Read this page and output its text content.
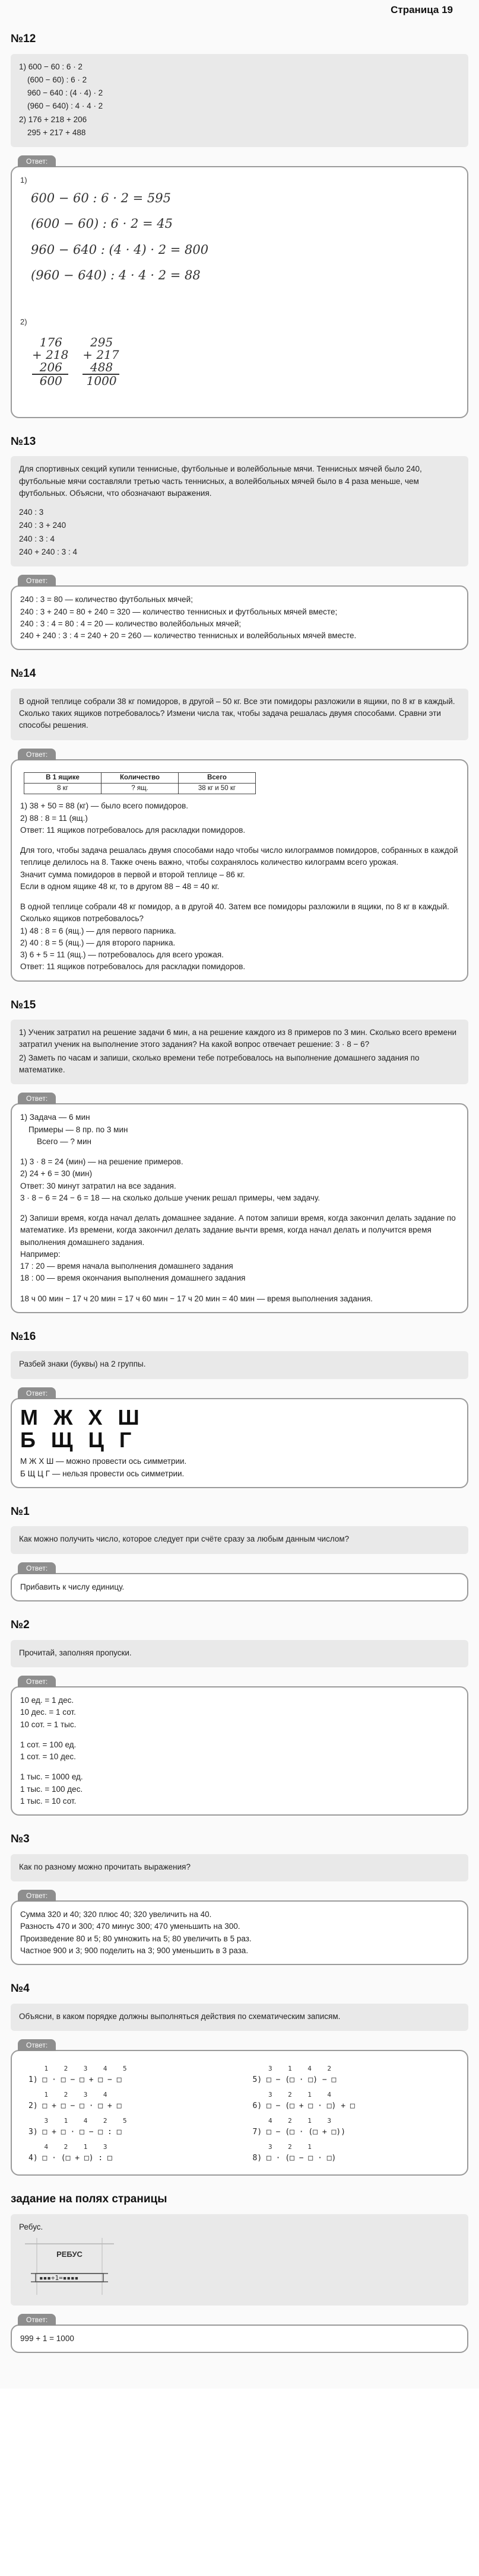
Страница 19
№12

1) 600 − 60 : 6 · 2

(600 − 60) : 6 · 2

960 − 640 : (4 · 4) · 2

(960 − 640) : 4 · 4 · 2

2) 176 + 218 + 206

295 + 217 + 488

Ответ:

1)

600 − 60 : 6 · 2 = 595
(600 − 60) : 6 · 2 = 45
960 − 640 : (4 · 4) · 2 = 800
(960 − 640) : 4 · 4 · 2 = 88

2)

176
+ 218
206
600
295
+ 217
488
1000
№13

Для спортивных секций купили теннисные, футбольные и волейбольные мячи. Теннисных мячей было 240, футбольные мячи составляли третью часть теннисных, а волейбольных мячей было в 4 раза меньше, чем футбольных. Объясни, что обозначают выражения.

240 : 3

240 : 3 + 240

240 : 3 : 4

240 + 240 : 3 : 4

Ответ:

240 : 3 = 80 — количество футбольных мячей;

240 : 3 + 240 = 80 + 240 = 320 — количество теннисных и футбольных мячей вместе;

240 : 3 : 4 = 80 : 4 = 20 — количество волейбольных мячей;

240 + 240 : 3 : 4 = 240 + 20 = 260 — количество теннисных и волейбольных мячей вместе.

№14

В одной теплице собрали 38 кг помидоров, в другой – 50 кг. Все эти помидоры разложили в ящики, по 8 кг в каждый. Сколько таких ящиков потребовалось? Измени числа так, чтобы задача решалась двумя способами. Сравни эти способы решения.

Ответ:
В 1 ящике	Количество	Всего
8 кг	? ящ.	38 кг и 50 кг

1) 38 + 50 = 88 (кг) — было всего помидоров.

2) 88 : 8 = 11 (ящ.)

Ответ: 11 ящиков потребовалось для раскладки помидоров.

Для того, чтобы задача решалась двумя способами надо чтобы число килограммов помидоров, собранных в каждой теплице делилось на 8. Также очень важно, чтобы сохранялось количество килограмм всего урожая.

Значит сумма помидоров в первой и второй теплице – 86 кг.

Если в одном ящике 48 кг, то в другом 88 − 48 = 40 кг.

В одной теплице собрали 48 кг помидор, а в другой 40. Затем все помидоры разложили в ящики, по 8 кг в каждый. Сколько ящиков потребовалось?

1) 48 : 8 = 6 (ящ.) — для первого парника.

2) 40 : 8 = 5 (ящ.) — для второго парника.

3) 6 + 5 = 11 (ящ.) — потребовалось для всего урожая.

Ответ: 11 ящиков потребовалось для раскладки помидоров.

№15

1) Ученик затратил на решение задачи 6 мин, а на решение каждого из 8 примеров по 3 мин. Сколько всего времени затратил ученик на выполнение этого задания? На какой вопрос отвечает решение: 3 · 8 − 6?

2) Заметь по часам и запиши, сколько времени тебе потребовалось на выполнение домашнего задания по математике.

Ответ:

1) Задача — 6 мин

Примеры — 8 пр. по 3 мин

Всего — ? мин

1) 3 · 8 = 24 (мин) — на решение примеров.

2) 24 + 6 = 30 (мин)

Ответ: 30 минут затратил на все задания.

3 · 8 − 6 = 24 − 6 = 18 — на сколько дольше ученик решал примеры, чем задачу.

2) Запиши время, когда начал делать домашнее задание. А потом запиши время, когда закончил делать задание по математике. Из времени, когда закончил делать задание вычти время, когда начал делать и получится время выполнения домашнего задания.

Например:

17 : 20 — время начала выполнения домашнего задания

18 : 00 — время окончания выполнения домашнего задания

18 ч 00 мин − 17 ч 20 мин = 17 ч 60 мин − 17 ч 20 мин = 40 мин — время выполнения задания.

№16

Разбей знаки (буквы) на 2 группы.

Ответ:
М Ж Х Ш
Б Щ Ц Г

М Ж Х Ш — можно провести ось симметрии.

Б Щ Ц Г — нельзя провести ось симметрии.

№1

Как можно получить число, которое следует при счёте сразу за любым данным числом?

Ответ:

Прибавить к числу единицу.

№2

Прочитай, заполняя пропуски.

Ответ:

10 ед. = 1 дес.

10 дес. = 1 сот.

10 сот. = 1 тыс.

1 сот. = 100 ед.

1 сот. = 10 дес.

1 тыс. = 1000 ед.

1 тыс. = 100 дес.

1 тыс. = 10 сот.

№3

Как по разному можно прочитать выражения?

Ответ:

Сумма 320 и 40; 320 плюс 40; 320 увеличить на 40.

Разность 470 и 300; 470 минус 300; 470 уменьшить на 300.

Произведение 80 и 5; 80 умножить на 5; 80 увеличить в 5 раз.

Частное 900 и 3; 900 поделить на 3; 900 уменьшить в 3 раза.

№4

Объясни, в каком порядке должны выполняться действия по схематическим записям.

Ответ:
1    2    3    4    5
1) □ · □ − □ + □ − □
3    1    4    2
5) □ − (□ · □) − □
1    2    3    4
2) □ + □ − □ · □ + □
3    2    1    4
6) □ − (□ + □ · □) + □
3    1    4    2    5
3) □ + □ · □ − □ : □
4    2    1    3
7) □ − (□ · (□ + □))
4    2    1    3
4) □ · (□ + □) : □
3    2    1
8) □ · (□ − □ · □)
задание на полях страницы

Ребус.

РЕБУС
▪▪▪+1=▪▪▪▪
Ответ:

999 + 1 = 1000
